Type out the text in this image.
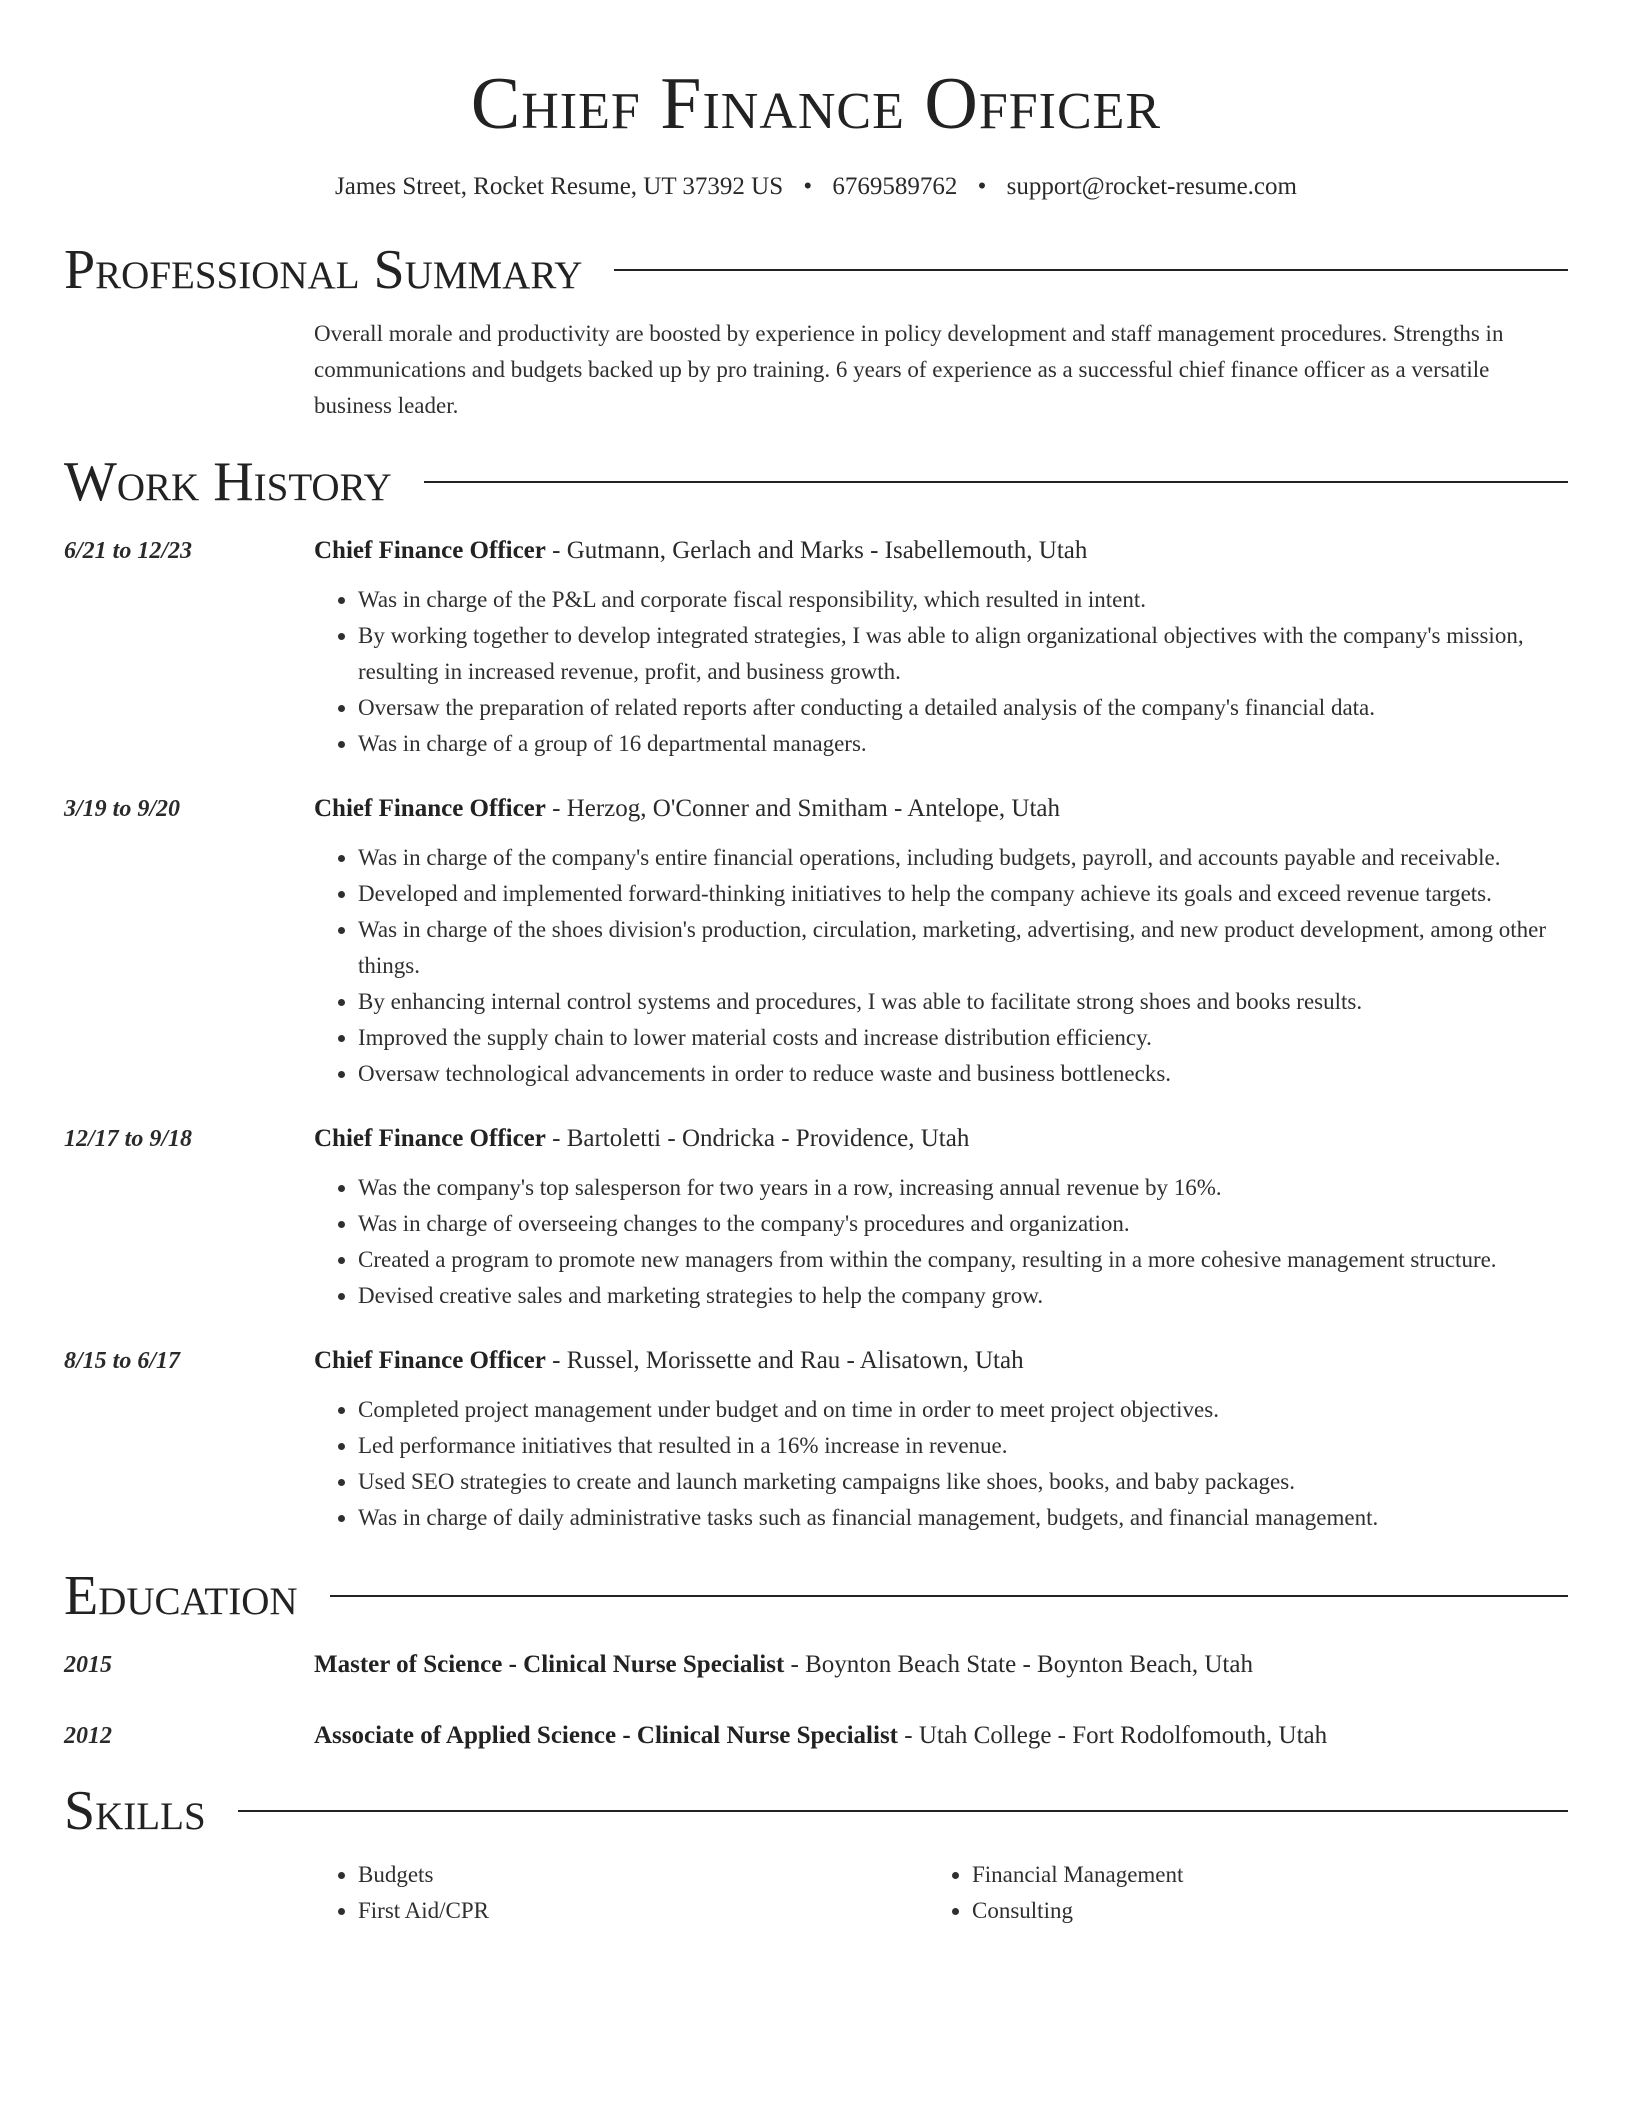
Chief Finance Officer
James Street, Rocket Resume, UT 37392 US • 6769589762 • support@rocket-resume.com
Professional Summary

Overall morale and productivity are boosted by experience in policy development and staff management procedures. Strengths in communications and budgets backed up by pro training. 6 years of experience as a successful chief finance officer as a versatile business leader.

Work History
6/21 to 12/23	Chief Finance Officer - Gutmann, Gerlach and Marks - Isabellemouth, Utah
• Was in charge of the P&L and corporate fiscal responsibility, which resulted in intent.
• By working together to develop integrated strategies, I was able to align organizational objectives with the company's mission, resulting in increased revenue, profit, and business growth.
• Oversaw the preparation of related reports after conducting a detailed analysis of the company's financial data.
• Was in charge of a group of 16 departmental managers.
3/19 to 9/20	Chief Finance Officer - Herzog, O'Conner and Smitham - Antelope, Utah
• Was in charge of the company's entire financial operations, including budgets, payroll, and accounts payable and receivable.
• Developed and implemented forward-thinking initiatives to help the company achieve its goals and exceed revenue targets.
• Was in charge of the shoes division's production, circulation, marketing, advertising, and new product development, among other things.
• By enhancing internal control systems and procedures, I was able to facilitate strong shoes and books results.
• Improved the supply chain to lower material costs and increase distribution efficiency.
• Oversaw technological advancements in order to reduce waste and business bottlenecks.
12/17 to 9/18	Chief Finance Officer - Bartoletti - Ondricka - Providence, Utah
• Was the company's top salesperson for two years in a row, increasing annual revenue by 16%.
• Was in charge of overseeing changes to the company's procedures and organization.
• Created a program to promote new managers from within the company, resulting in a more cohesive management structure.
• Devised creative sales and marketing strategies to help the company grow.
8/15 to 6/17	Chief Finance Officer - Russel, Morissette and Rau - Alisatown, Utah
• Completed project management under budget and on time in order to meet project objectives.
• Led performance initiatives that resulted in a 16% increase in revenue.
• Used SEO strategies to create and launch marketing campaigns like shoes, books, and baby packages.
• Was in charge of daily administrative tasks such as financial management, budgets, and financial management.
Education
2015	Master of Science - Clinical Nurse Specialist - Boynton Beach State - Boynton Beach, Utah
2012	Associate of Applied Science - Clinical Nurse Specialist - Utah College - Fort Rodolfomouth, Utah
Skills
• Budgets
• First Aid/CPR
• Financial Management
• Consulting
